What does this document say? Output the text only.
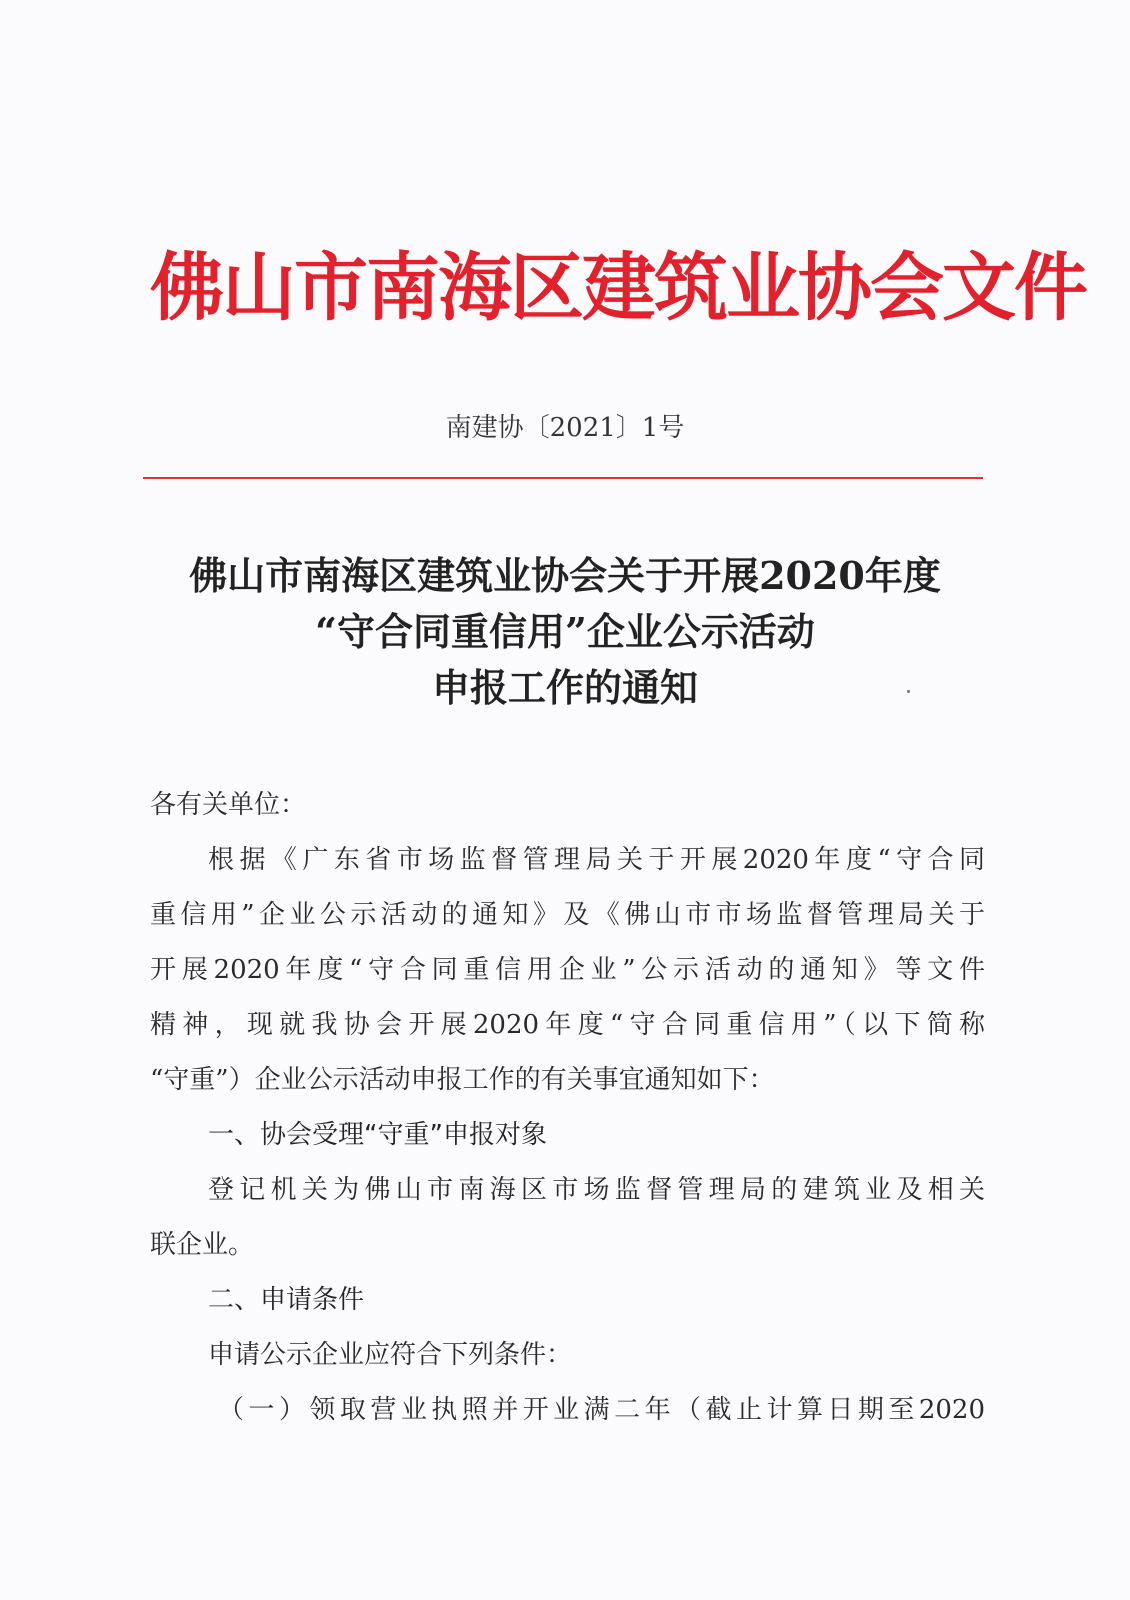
佛山市南海区建筑业协会文件
南建协〔2021〕1号
佛山市南海区建筑业协会关于开展2020年度
“守合同重信用”企业公示活动
申报工作的通知
各有关单位：
根据《广东省市场监督管理局关于开展2020年度“守合同
重信用”企业公示活动的通知》及《佛山市市场监督管理局关于
开展2020年度“守合同重信用企业”公示活动的通知》等文件
精神，现就我协会开展2020年度“守合同重信用”（以下简称
“守重”）企业公示活动申报工作的有关事宜通知如下：
一、协会受理“守重”申报对象
登记机关为佛山市南海区市场监督管理局的建筑业及相关
联企业。
二、申请条件
申请公示企业应符合下列条件：
（一）领取营业执照并开业满二年（截止计算日期至2020
